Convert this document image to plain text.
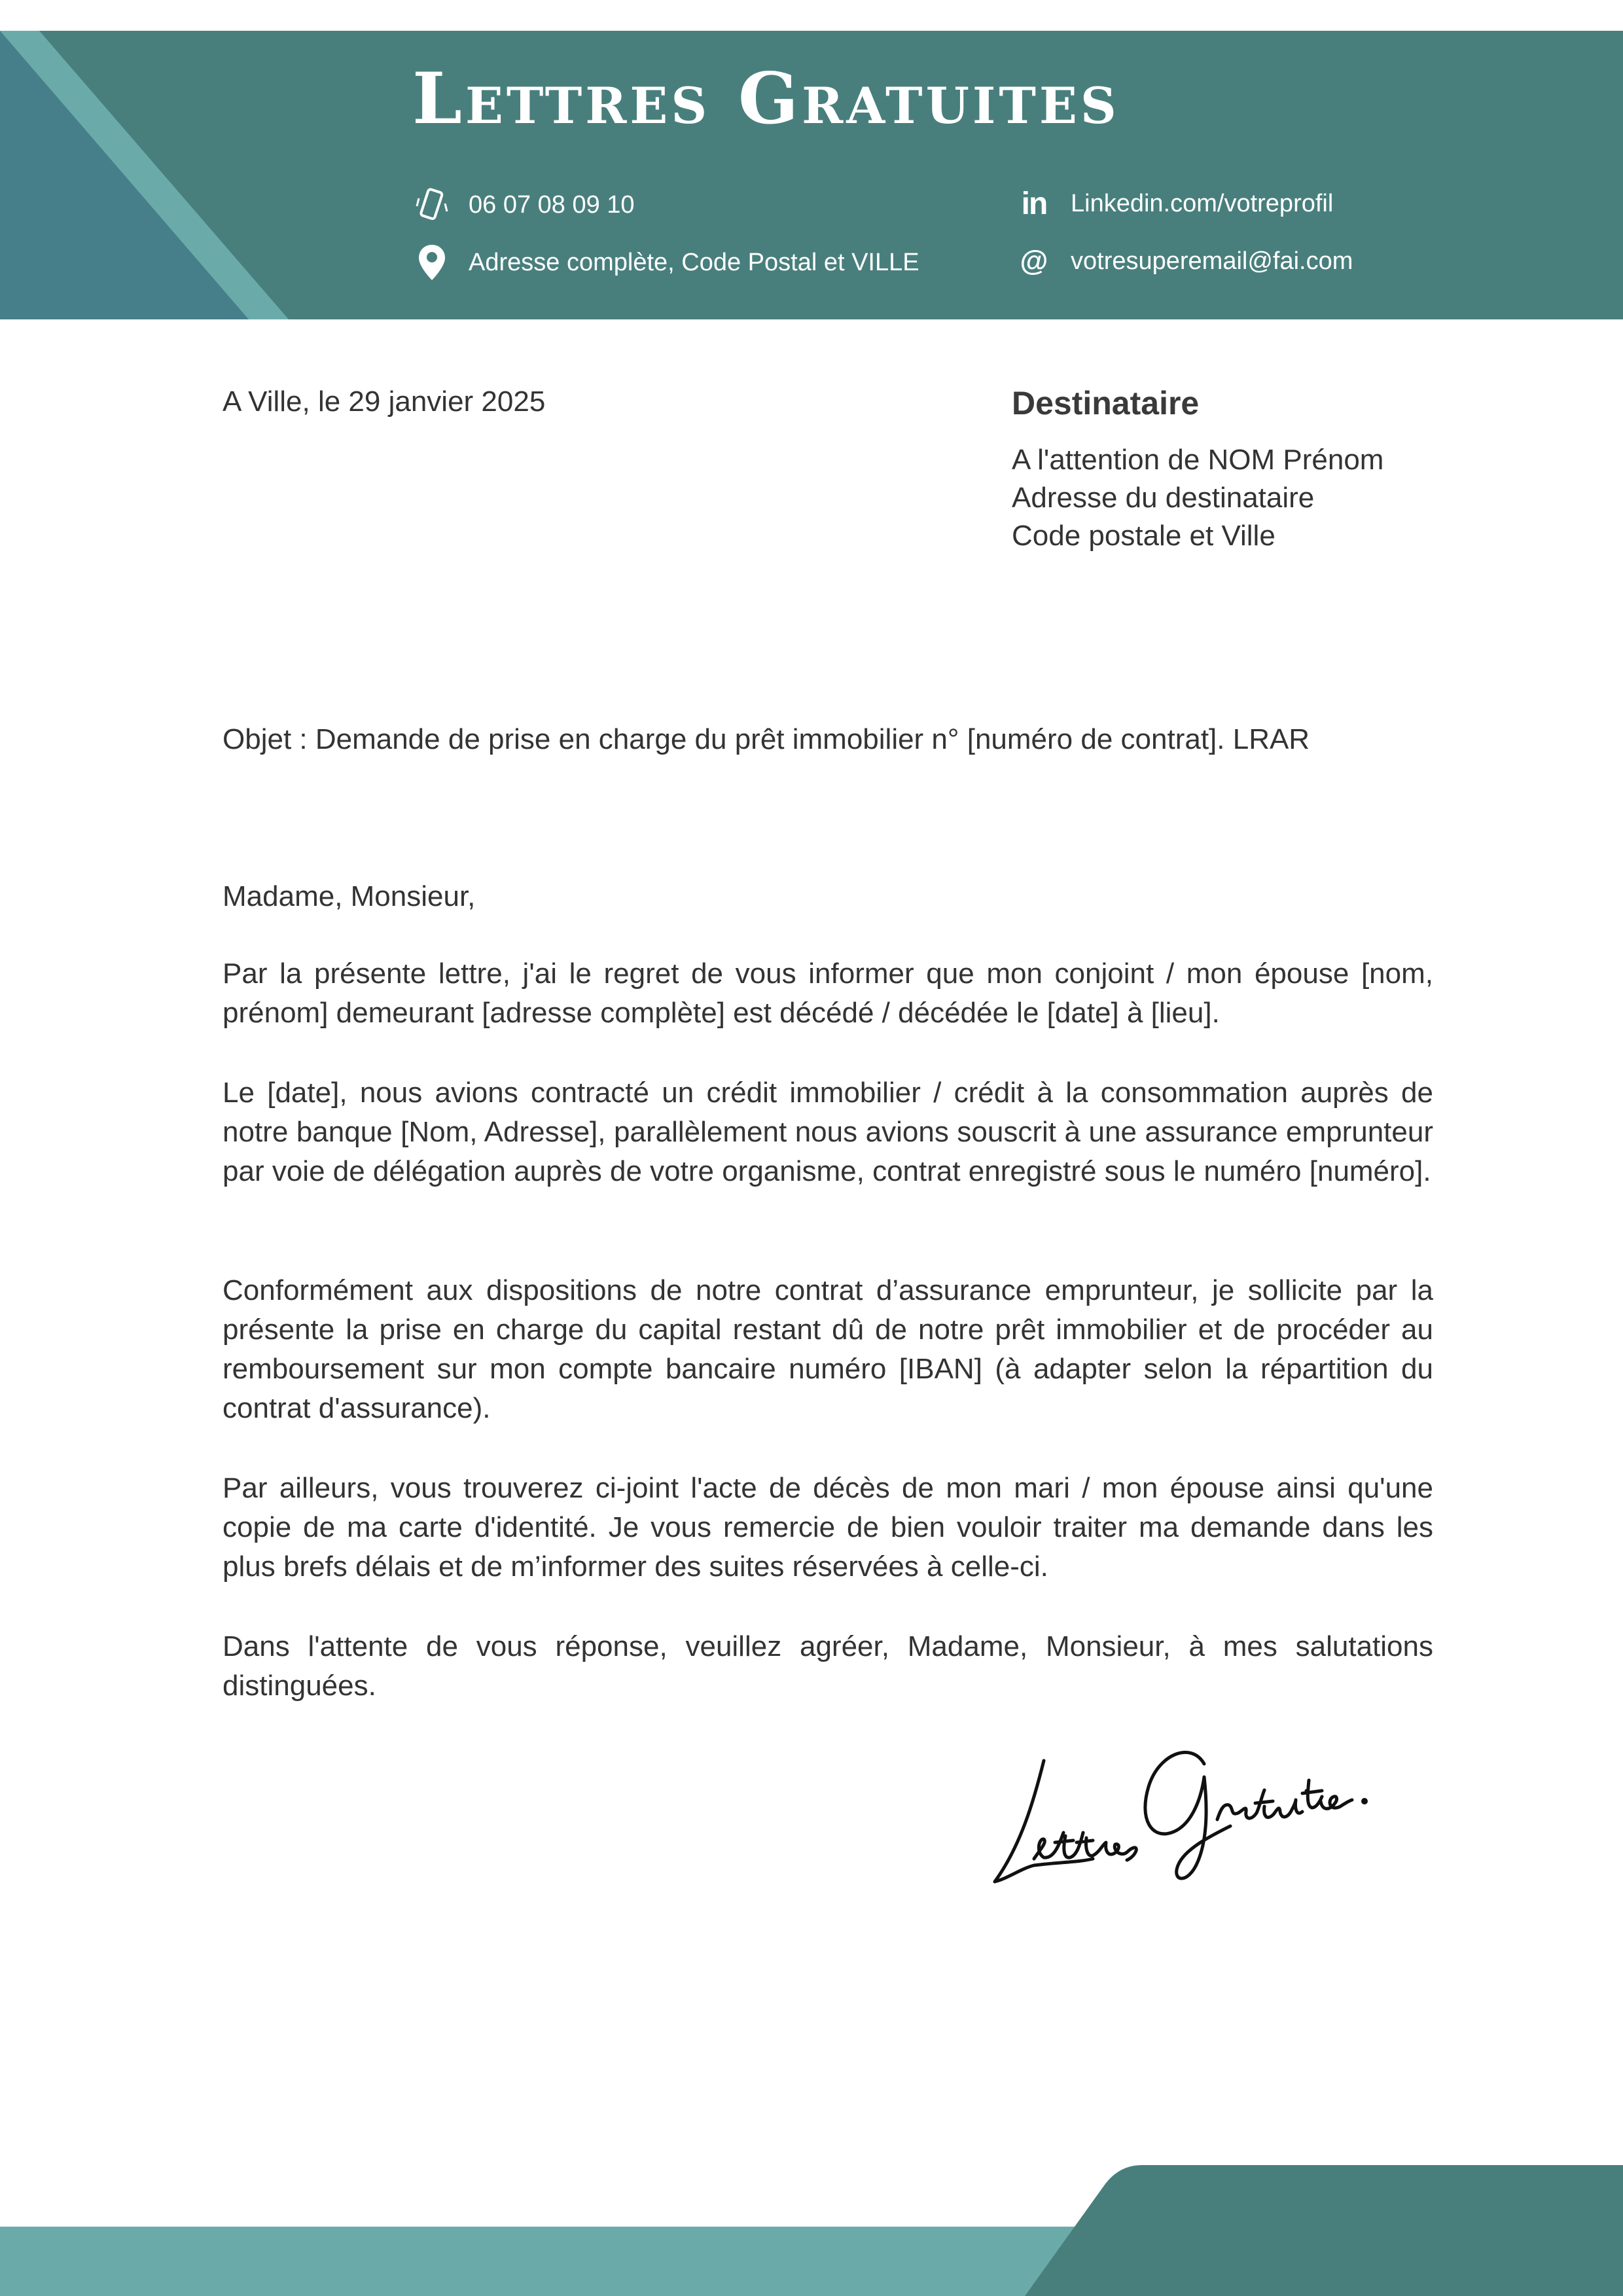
Lettres Gratuites
06 07 08 09 10
Adresse complète, Code Postal et VILLE
in Linkedin.com/votreprofil
@ votresuperemail@fai.com
A Ville, le 29 janvier 2025	Destinataire
A l'attention de NOM Prénom
Adresse du destinataire
Code postale et Ville
Objet : Demande de prise en charge du prêt immobilier n° [numéro de contrat]. LRAR
Madame, Monsieur,

Par la présente lettre, j'ai le regret de vous informer que mon conjoint / mon épouse [nom, prénom] demeurant [adresse complète] est décédé / décédée le [date] à [lieu].

Le [date], nous avions contracté un crédit immobilier / crédit à la consommation auprès de notre banque [Nom, Adresse], parallèlement nous avions souscrit à une assurance emprunteur par voie de délégation auprès de votre organisme, contrat enregistré sous le numéro [numéro].

Conformément aux dispositions de notre contrat d’assurance emprunteur, je sollicite par la présente la prise en charge du capital restant dû de notre prêt immobilier et de procéder au remboursement sur mon compte bancaire numéro [IBAN] (à adapter selon la répartition du contrat d'assurance).

Par ailleurs, vous trouverez ci-joint l'acte de décès de mon mari / mon épouse ainsi qu'une copie de ma carte d'identité. Je vous remercie de bien vouloir traiter ma demande dans les plus brefs délais et de m’informer des suites réservées à celle-ci.

Dans l'attente de vous réponse, veuillez agréer, Madame, Monsieur, à mes salutations distinguées.
